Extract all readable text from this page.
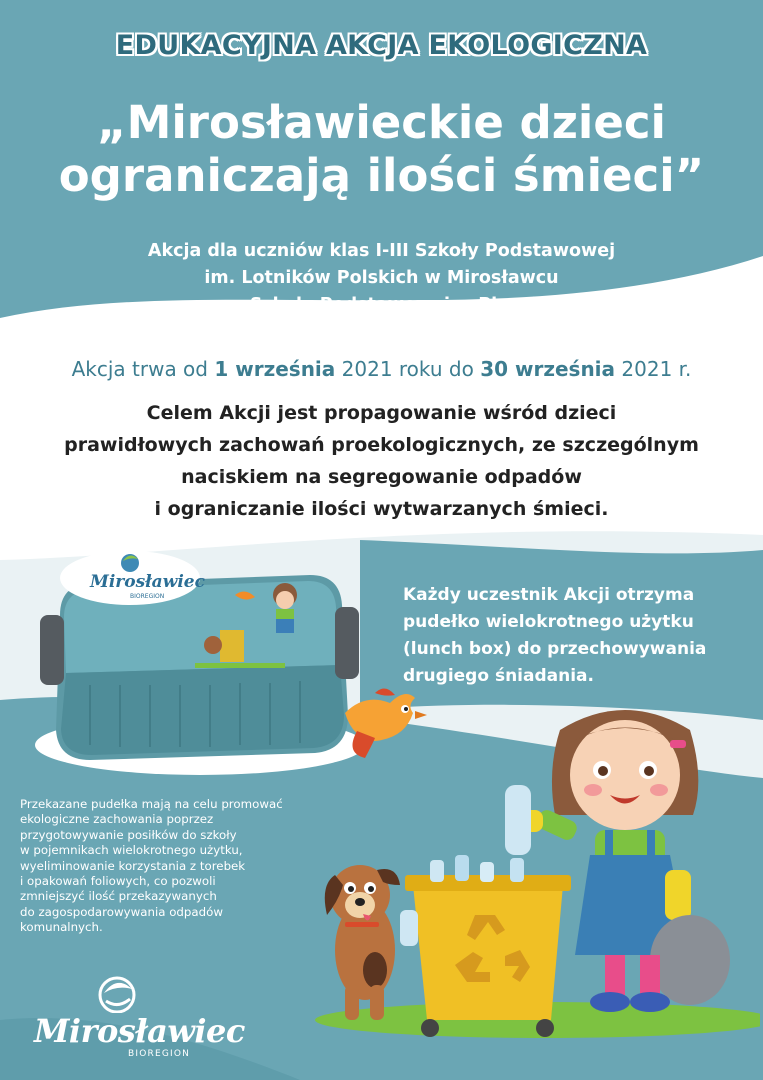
EDUKACYJNA AKCJA EKOLOGICZNA
„Mirosławieckie dzieci
ograniczają ilości śmieci”
Akcja dla uczniów klas I-III Szkoły Podstawowej
im. Lotników Polskich w Mirosławcu
oraz Szkoły Podstawowej w Piecniku
Akcja trwa od 1 września 2021 roku do 30 września 2021 r.
Celem Akcji jest propagowanie wśród dzieci
prawidłowych zachowań proekologicznych, ze szczególnym
naciskiem na segregowanie odpadów
i ograniczanie ilości wytwarzanych śmieci.
Mirosławiec
BIOREGION	Każdy uczestnik Akcji otrzyma
pudełko wielokrotnego użytku
(lunch box) do przechowywania
drugiego śniadania.
Przekazane pudełka mają na celu promować
ekologiczne zachowania poprzez
przygotowywanie posiłków do szkoły
w pojemnikach wielokrotnego użytku,
wyeliminowanie korzystania z torebek
i opakowań foliowych, co pozwoli
zmniejszyć ilość przekazywanych
do zagospodarowywania odpadów
komunalnych.
Mirosławiec
BIOREGION
